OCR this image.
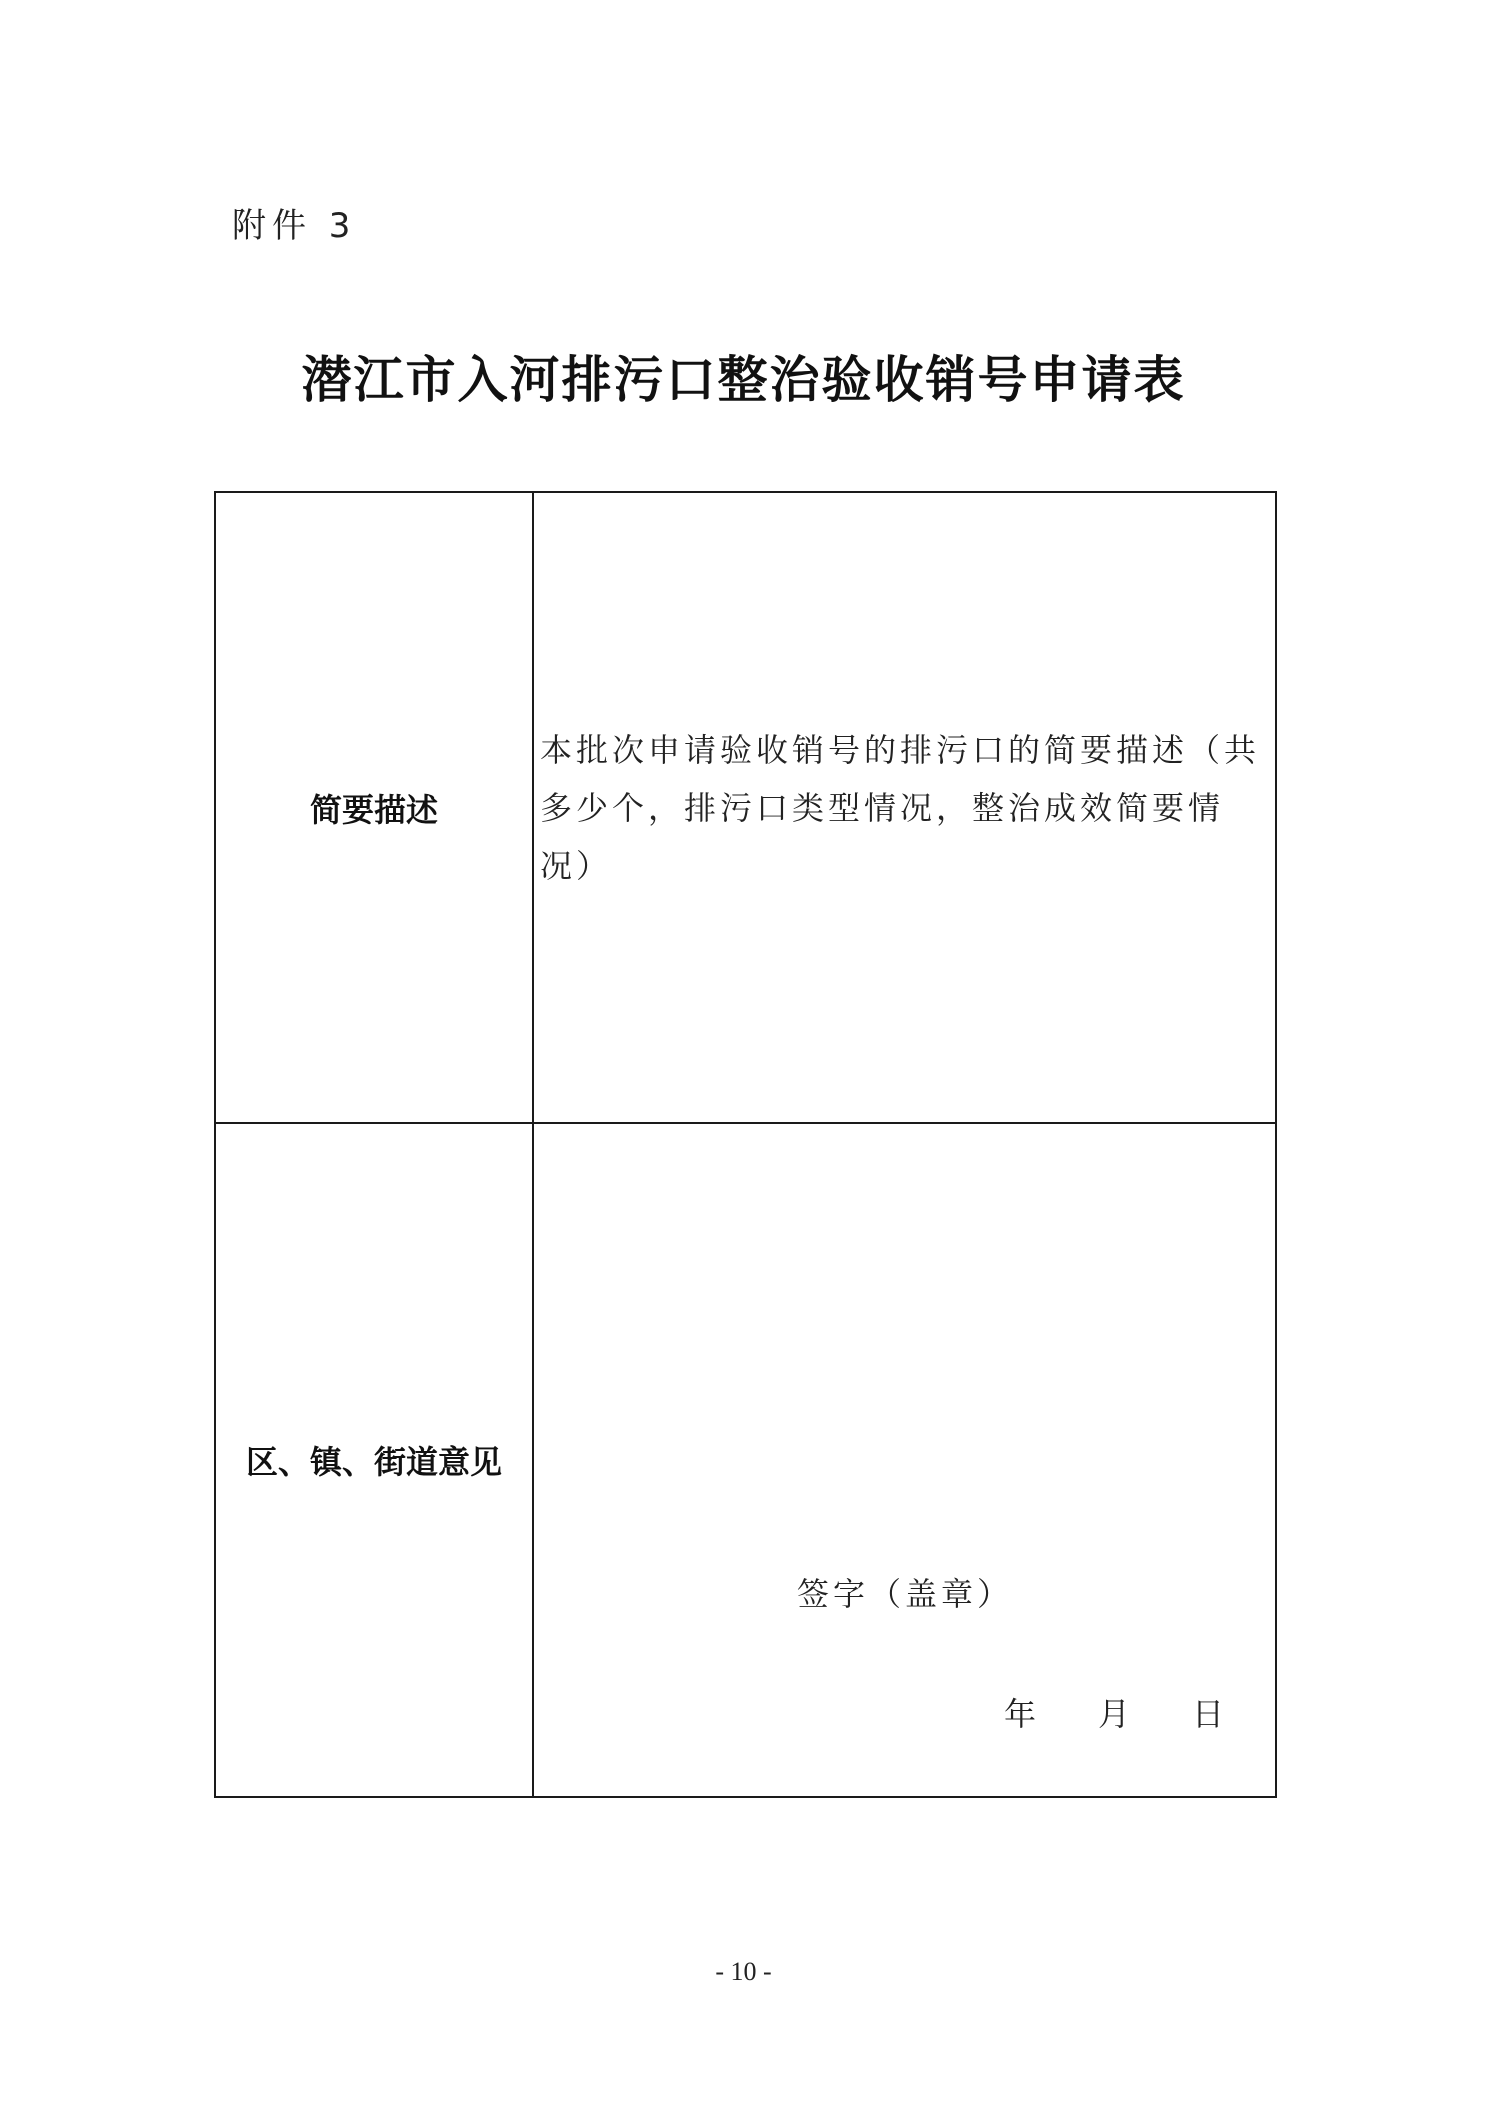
附件 3
潜江市入河排污口整治验收销号申请表
简要描述	本批次申请验收销号的排污口的简要描述（共多少个，排污口类型情况，整治成效简要情况）
区、镇、街道意见	签字（盖章）
年 月 日
- 10 -
